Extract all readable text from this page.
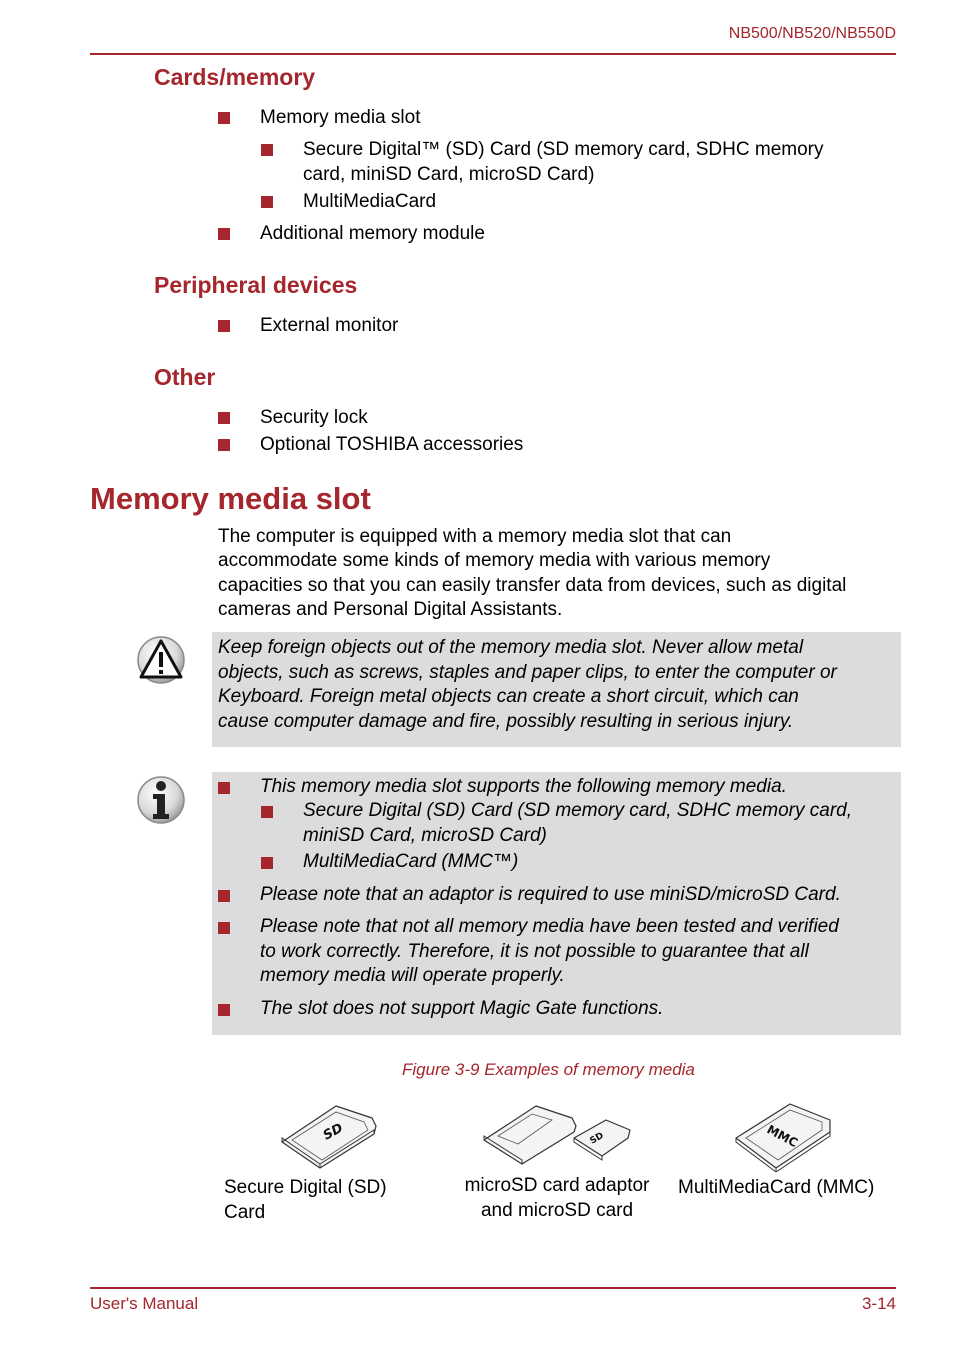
NB500/NB520/NB550D
Cards/memory
Memory media slot
Secure Digital™ (SD) Card (SD memory card, SDHC memory
card, miniSD Card, microSD Card)
MultiMediaCard
Additional memory module
Peripheral devices
External monitor
Other
Security lock
Optional TOSHIBA accessories
Memory media slot
The computer is equipped with a memory media slot that can
accommodate some kinds of memory media with various memory
capacities so that you can easily transfer data from devices, such as digital
cameras and Personal Digital Assistants.
Keep foreign objects out of the memory media slot. Never allow metal
objects, such as screws, staples and paper clips, to enter the computer or
Keyboard. Foreign metal objects can create a short circuit, which can
cause computer damage and fire, possibly resulting in serious injury.
This memory media slot supports the following memory media.
Secure Digital (SD) Card (SD memory card, SDHC memory card,
miniSD Card, microSD Card)
MultiMediaCard (MMC™)
Please note that an adaptor is required to use miniSD/microSD Card.
Please note that not all memory media have been tested and verified
to work correctly. Therefore, it is not possible to guarantee that all
memory media will operate properly.
The slot does not support Magic Gate functions.
Figure 3-9 Examples of memory media
SD
Secure Digital (SD)
Card
SD
microSD card adaptor
and microSD card
MMC
MultiMediaCard (MMC)
User's Manual	3-14
